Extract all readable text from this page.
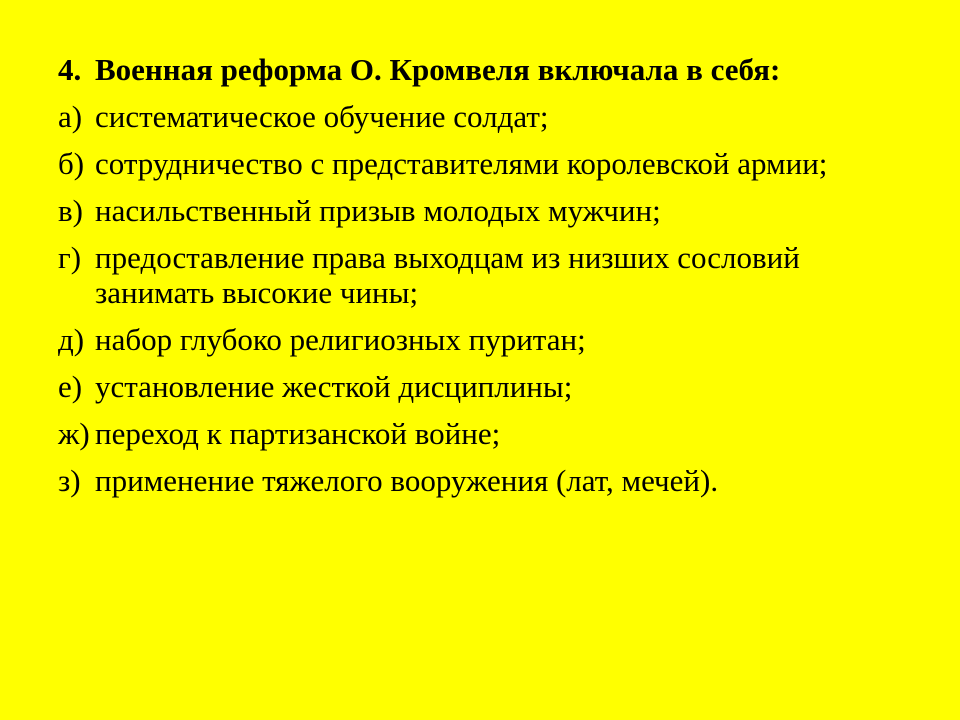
4. Военная реформа О. Кромвеля включала в себя:
а) систематическое обучение солдат;
б) сотрудничество с представителями королевской армии;
в) насильственный призыв молодых мужчин;
г) предоставление права выходцам из низших сословий занимать высокие чины;
д) набор глубоко религиозных пуритан;
е) установление жесткой дисциплины;
ж) переход к партизанской войне;
з) применение тяжелого вооружения (лат, мечей).
